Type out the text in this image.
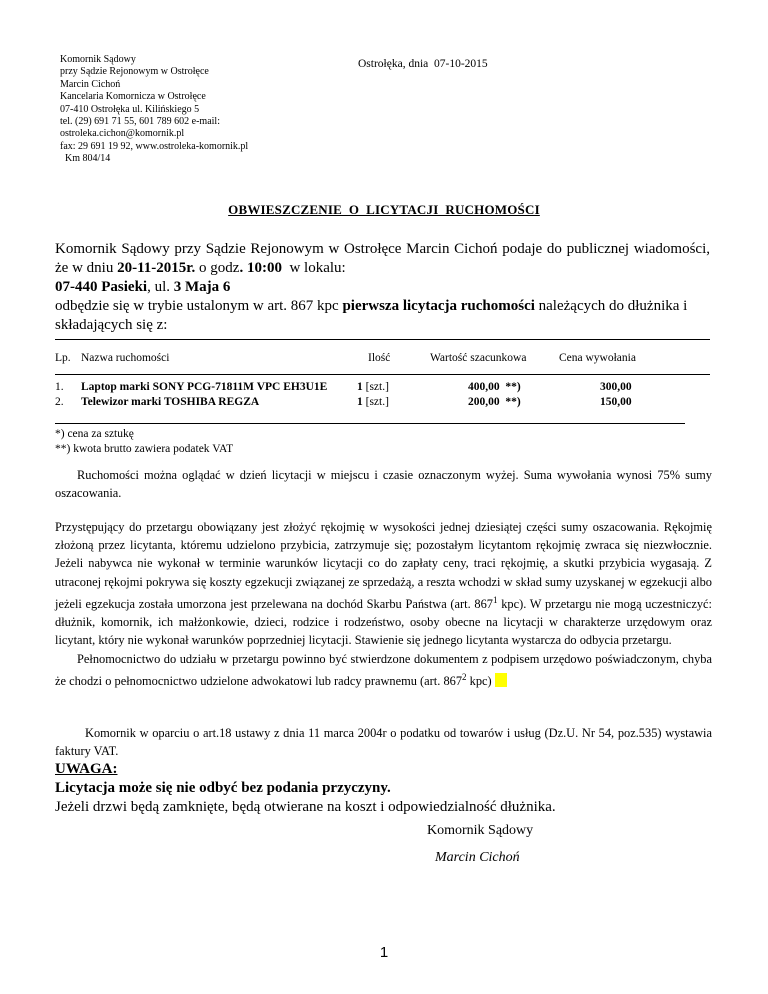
Komornik Sądowy
przy Sądzie Rejonowym w Ostrołęce
Marcin Cichoń
Kancelaria Komornicza w Ostrołęce
07-410 Ostrołęka ul. Kilińskiego 5
tel. (29) 691 71 55, 601 789 602 e-mail:
ostroleka.cichon@komornik.pl
fax: 29 691 19 92, www.ostroleka-komornik.pl
Km 804/14
Ostrołęka, dnia  07-10-2015
OBWIESZCZENIE  O  LICYTACJI  RUCHOMOŚCI

Komornik Sądowy przy Sądzie Rejonowym w Ostrołęce Marcin Cichoń podaje do publicznej wiadomości, że w dniu 20-11-2015r. o godz. 10:00  w lokalu:

07-440 Pasieki, ul. 3 Maja 6

odbędzie się w trybie ustalonym w art. 867 kpc pierwsza licytacja ruchomości należących do dłużnika i składających się z:

Lp. Nazwa ruchomości	Ilość	Wartość szacunkowa	Cena wywołania
1. Laptop marki SONY PCG-71811M VPC EH3U1E	1 [szt.]	400,00  **)	300,00
2. Telewizor marki TOSHIBA REGZA	1 [szt.]	200,00  **)	150,00
*) cena za sztukę
**) kwota brutto zawiera podatek VAT

Ruchomości można oglądać w dzień licytacji w miejscu i czasie oznaczonym wyżej. Suma wywołania wynosi 75% sumy oszacowania.

Przystępujący do przetargu obowiązany jest złożyć rękojmię w wysokości jednej dziesiątej części sumy oszacowania. Rękojmię złożoną przez licytanta, któremu udzielono przybicia, zatrzymuje się; pozostałym licytantom rękojmię zwraca się niezwłocznie. Jeżeli nabywca nie wykonał w terminie warunków licytacji co do zapłaty ceny, traci rękojmię, a skutki przybicia wygasają. Z utraconej rękojmi pokrywa się koszty egzekucji związanej ze sprzedażą, a reszta wchodzi w skład sumy uzyskanej w egzekucji albo jeżeli egzekucja została umorzona jest przelewana na dochód Skarbu Państwa (art. $867^1$ kpc). W przetargu nie mogą uczestniczyć: dłużnik, komornik, ich małżonkowie, dzieci, rodzice i rodzeństwo, osoby obecne na licytacji w charakterze urzędowym oraz licytant, który nie wykonał warunków poprzedniej licytacji. Stawienie się jednego licytanta wystarcza do odbycia przetargu.

Pełnomocnictwo do udziału w przetargu powinno być stwierdzone dokumentem z podpisem urzędowo poświadczonym, chyba że chodzi o pełnomocnictwo udzielone adwokatowi lub radcy prawnemu (art. $867^2$ kpc)

Komornik w oparciu o art.18 ustawy z dnia 11 marca 2004r o podatku od towarów i usług (Dz.U. Nr 54, poz.535) wystawia faktury VAT.

UWAGA:
Licytacja może się nie odbyć bez podania przyczyny.
Jeżeli drzwi będą zamknięte, będą otwierane na koszt i odpowiedzialność dłużnika.
Komornik Sądowy
Marcin Cichoń
1
